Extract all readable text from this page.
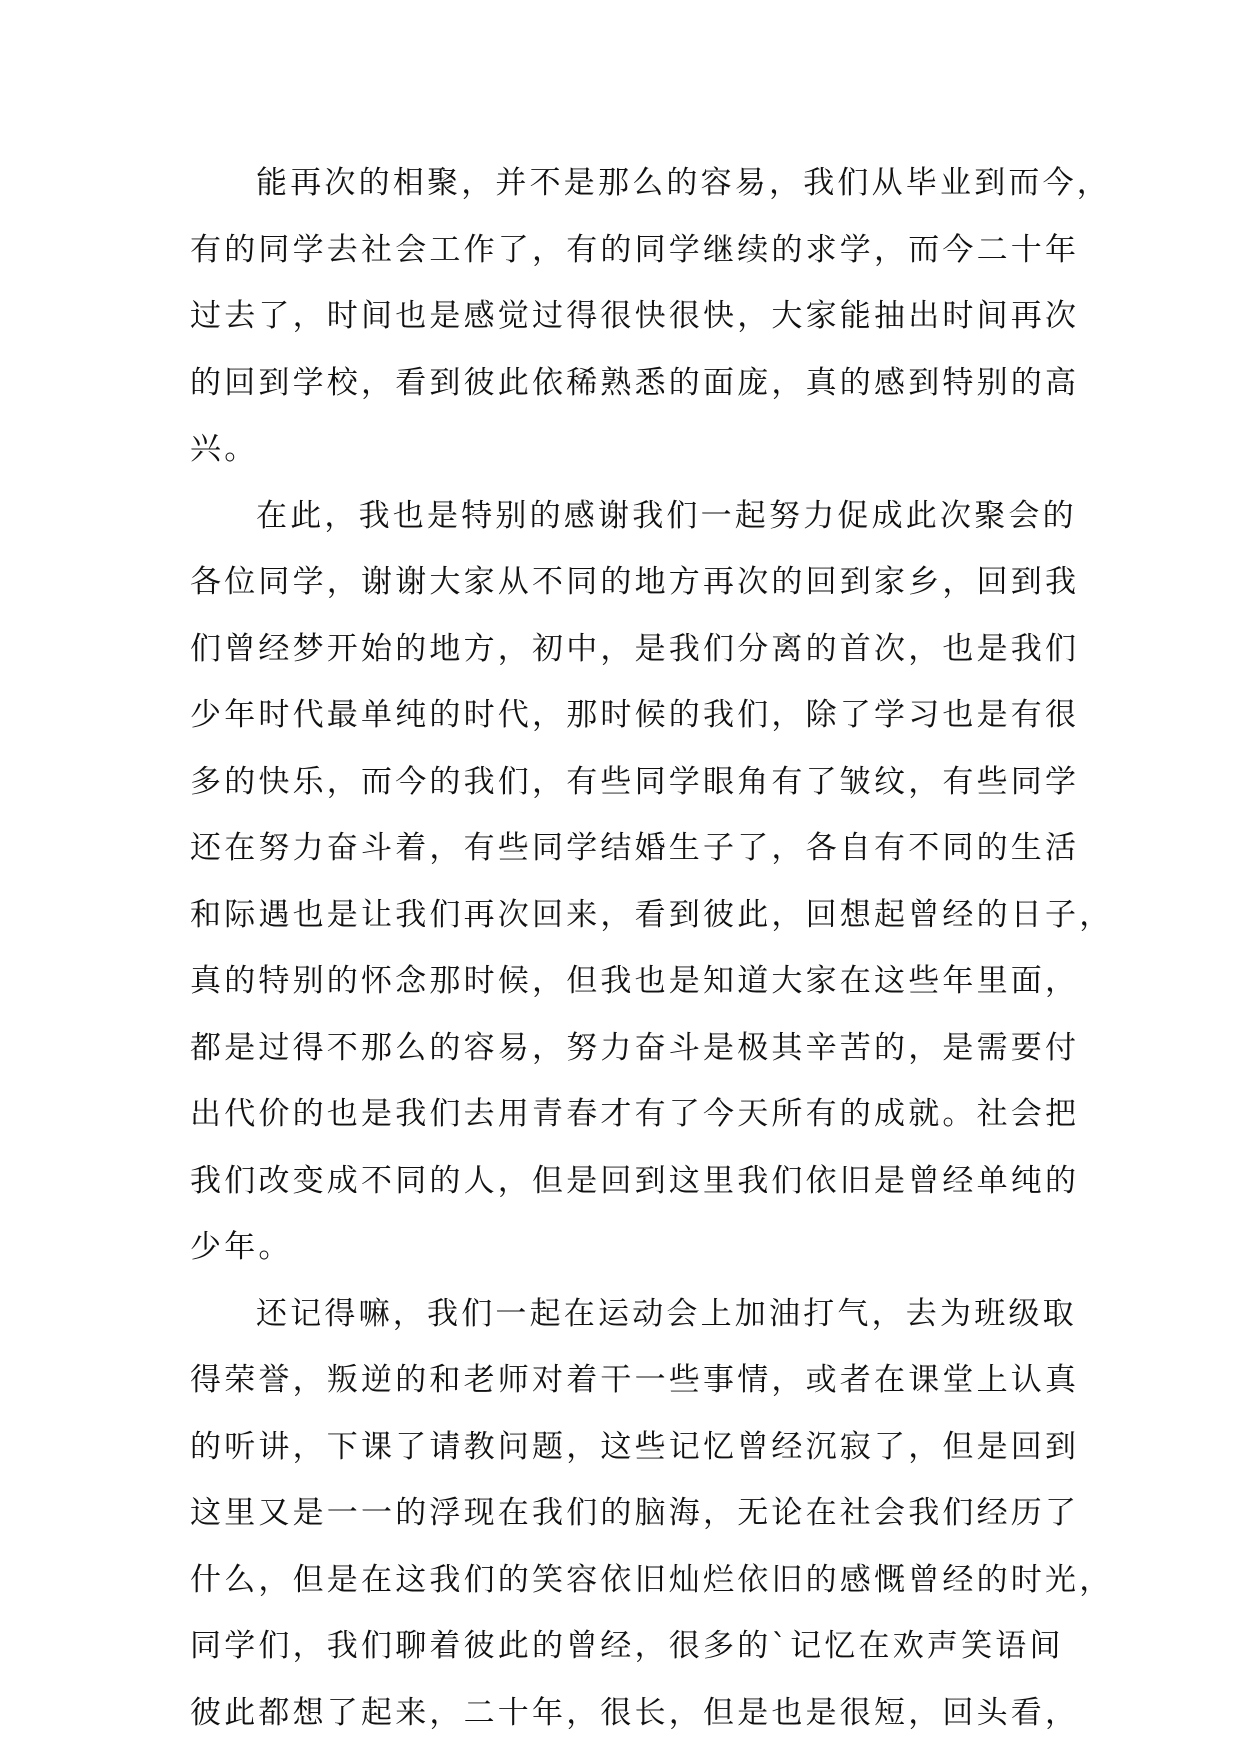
能再次的相聚，并不是那么的容易，我们从毕业到而今，
有的同学去社会工作了，有的同学继续的求学，而今二十年
过去了，时间也是感觉过得很快很快，大家能抽出时间再次
的回到学校，看到彼此依稀熟悉的面庞，真的感到特别的高
兴。

在此，我也是特别的感谢我们一起努力促成此次聚会的
各位同学，谢谢大家从不同的地方再次的回到家乡，回到我
们曾经梦开始的地方，初中，是我们分离的首次，也是我们
少年时代最单纯的时代，那时候的我们，除了学习也是有很
多的快乐，而今的我们，有些同学眼角有了皱纹，有些同学
还在努力奋斗着，有些同学结婚生子了，各自有不同的生活
和际遇也是让我们再次回来，看到彼此，回想起曾经的日子，
真的特别的怀念那时候，但我也是知道大家在这些年里面，
都是过得不那么的容易，努力奋斗是极其辛苦的，是需要付
出代价的也是我们去用青春才有了今天所有的成就。社会把
我们改变成不同的人，但是回到这里我们依旧是曾经单纯的
少年。

还记得嘛，我们一起在运动会上加油打气，去为班级取
得荣誉，叛逆的和老师对着干一些事情，或者在课堂上认真
的听讲，下课了请教问题，这些记忆曾经沉寂了，但是回到
这里又是一一的浮现在我们的脑海，无论在社会我们经历了
什么，但是在这我们的笑容依旧灿烂依旧的感慨曾经的时光，
同学们，我们聊着彼此的曾经，很多的`记忆在欢声笑语间
彼此都想了起来，二十年，很长，但是也是很短，回头看，
